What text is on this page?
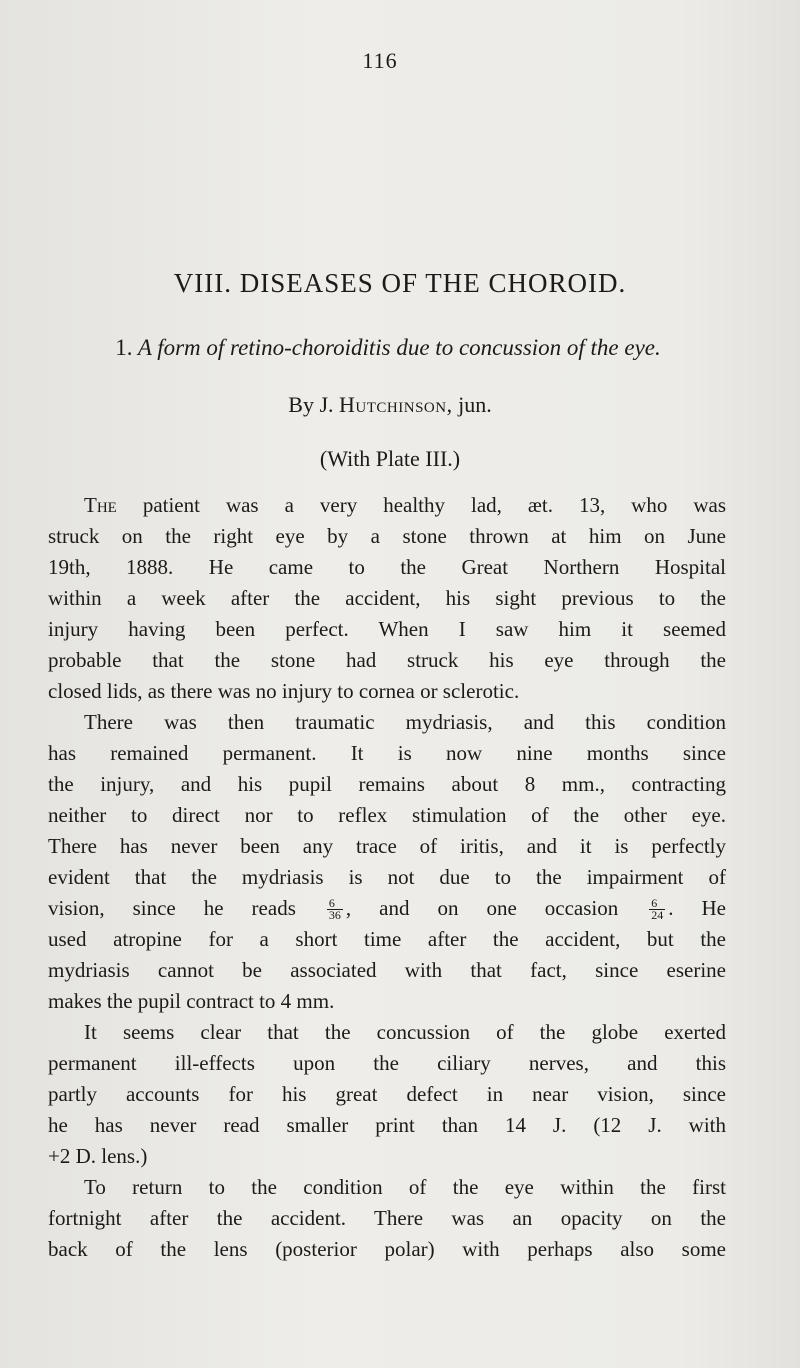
116
VIII. DISEASES OF THE CHOROID.
1. A form of retino-choroiditis due to concussion of the eye.
By J. Hutchinson, jun.
(With Plate III.)
The patient was a very healthy lad, æt. 13, who was
struck on the right eye by a stone thrown at him on June
19th, 1888. He came to the Great Northern Hospital
within a week after the accident, his sight previous to the
injury having been perfect. When I saw him it seemed
probable that the stone had struck his eye through the
closed lids, as there was no injury to cornea or sclerotic.
There was then traumatic mydriasis, and this condition
has remained permanent. It is now nine months since
the injury, and his pupil remains about 8 mm., contracting
neither to direct nor to reflex stimulation of the other eye.
There has never been any trace of iritis, and it is perfectly
evident that the mydriasis is not due to the impairment of
vision, since he reads	$\frac{6}{36}$ , and on one occasion	$\frac{6}{24}$ . He
used atropine for a short time after the accident, but the
mydriasis cannot be associated with that fact, since eserine
makes the pupil contract to 4 mm.
It seems clear that the concussion of the globe exerted
permanent ill-effects upon the ciliary nerves, and this
partly accounts for his great defect in near vision, since
he has never read smaller print than 14 J. (12 J. with
+2 D. lens.)
To return to the condition of the eye within the first
fortnight after the accident. There was an opacity on the
back of the lens (posterior polar) with perhaps also some
